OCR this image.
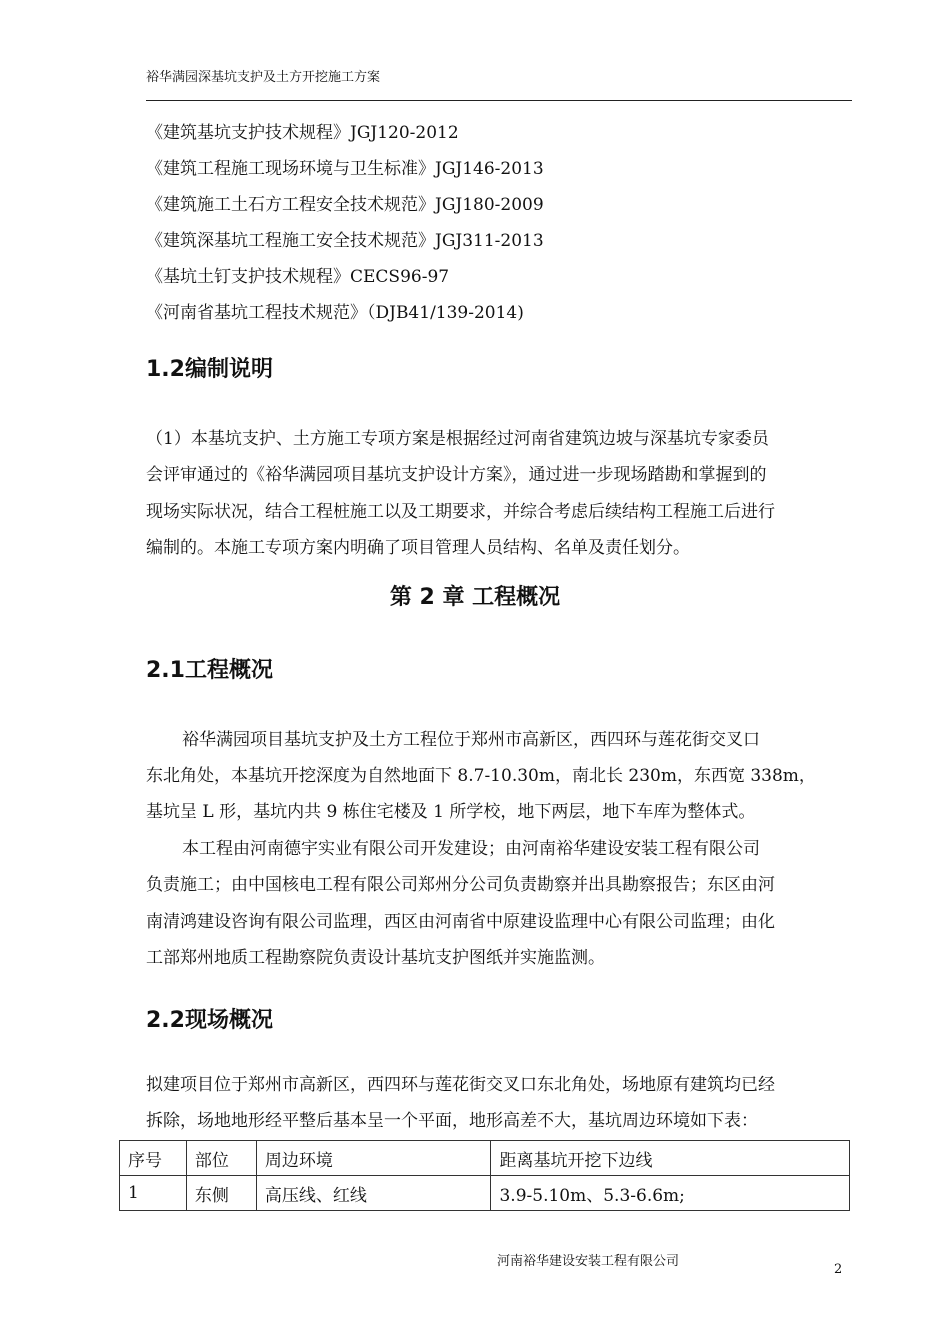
裕华满园深基坑支护及土方开挖施工方案
《建筑基坑支护技术规程》JGJ120-2012
《建筑工程施工现场环境与卫生标准》JGJ146-2013
《建筑施工土石方工程安全技术规范》JGJ180-2009
《建筑深基坑工程施工安全技术规范》JGJ311-2013
《基坑土钉支护技术规程》CECS96-97
《河南省基坑工程技术规范》（DJB41/139-2014)
1.2编制说明
（1）本基坑支护、土方施工专项方案是根据经过河南省建筑边坡与深基坑专家委员
会评审通过的《裕华满园项目基坑支护设计方案》，通过进一步现场踏勘和掌握到的
现场实际状况，结合工程桩施工以及工期要求，并综合考虑后续结构工程施工后进行
编制的。本施工专项方案内明确了项目管理人员结构、名单及责任划分。
第 2 章 工程概况
2.1工程概况
裕华满园项目基坑支护及土方工程位于郑州市高新区，西四环与莲花街交叉口
东北角处，本基坑开挖深度为自然地面下 8.7-10.30m，南北长 230m，东西宽 338m，
基坑呈 L 形，基坑内共 9 栋住宅楼及 1 所学校，地下两层，地下车库为整体式。
本工程由河南德宇实业有限公司开发建设；由河南裕华建设安装工程有限公司
负责施工；由中国核电工程有限公司郑州分公司负责勘察并出具勘察报告；东区由河
南清鸿建设咨询有限公司监理，西区由河南省中原建设监理中心有限公司监理；由化
工部郑州地质工程勘察院负责设计基坑支护图纸并实施监测。
2.2现场概况
拟建项目位于郑州市高新区，西四环与莲花街交叉口东北角处，场地原有建筑均已经
拆除，场地地形经平整后基本呈一个平面，地形高差不大，基坑周边环境如下表：
序号	部位	周边环境	距离基坑开挖下边线
1	东侧	高压线、红线	3.9-5.10m、5.3-6.6m;
河南裕华建设安装工程有限公司
2
